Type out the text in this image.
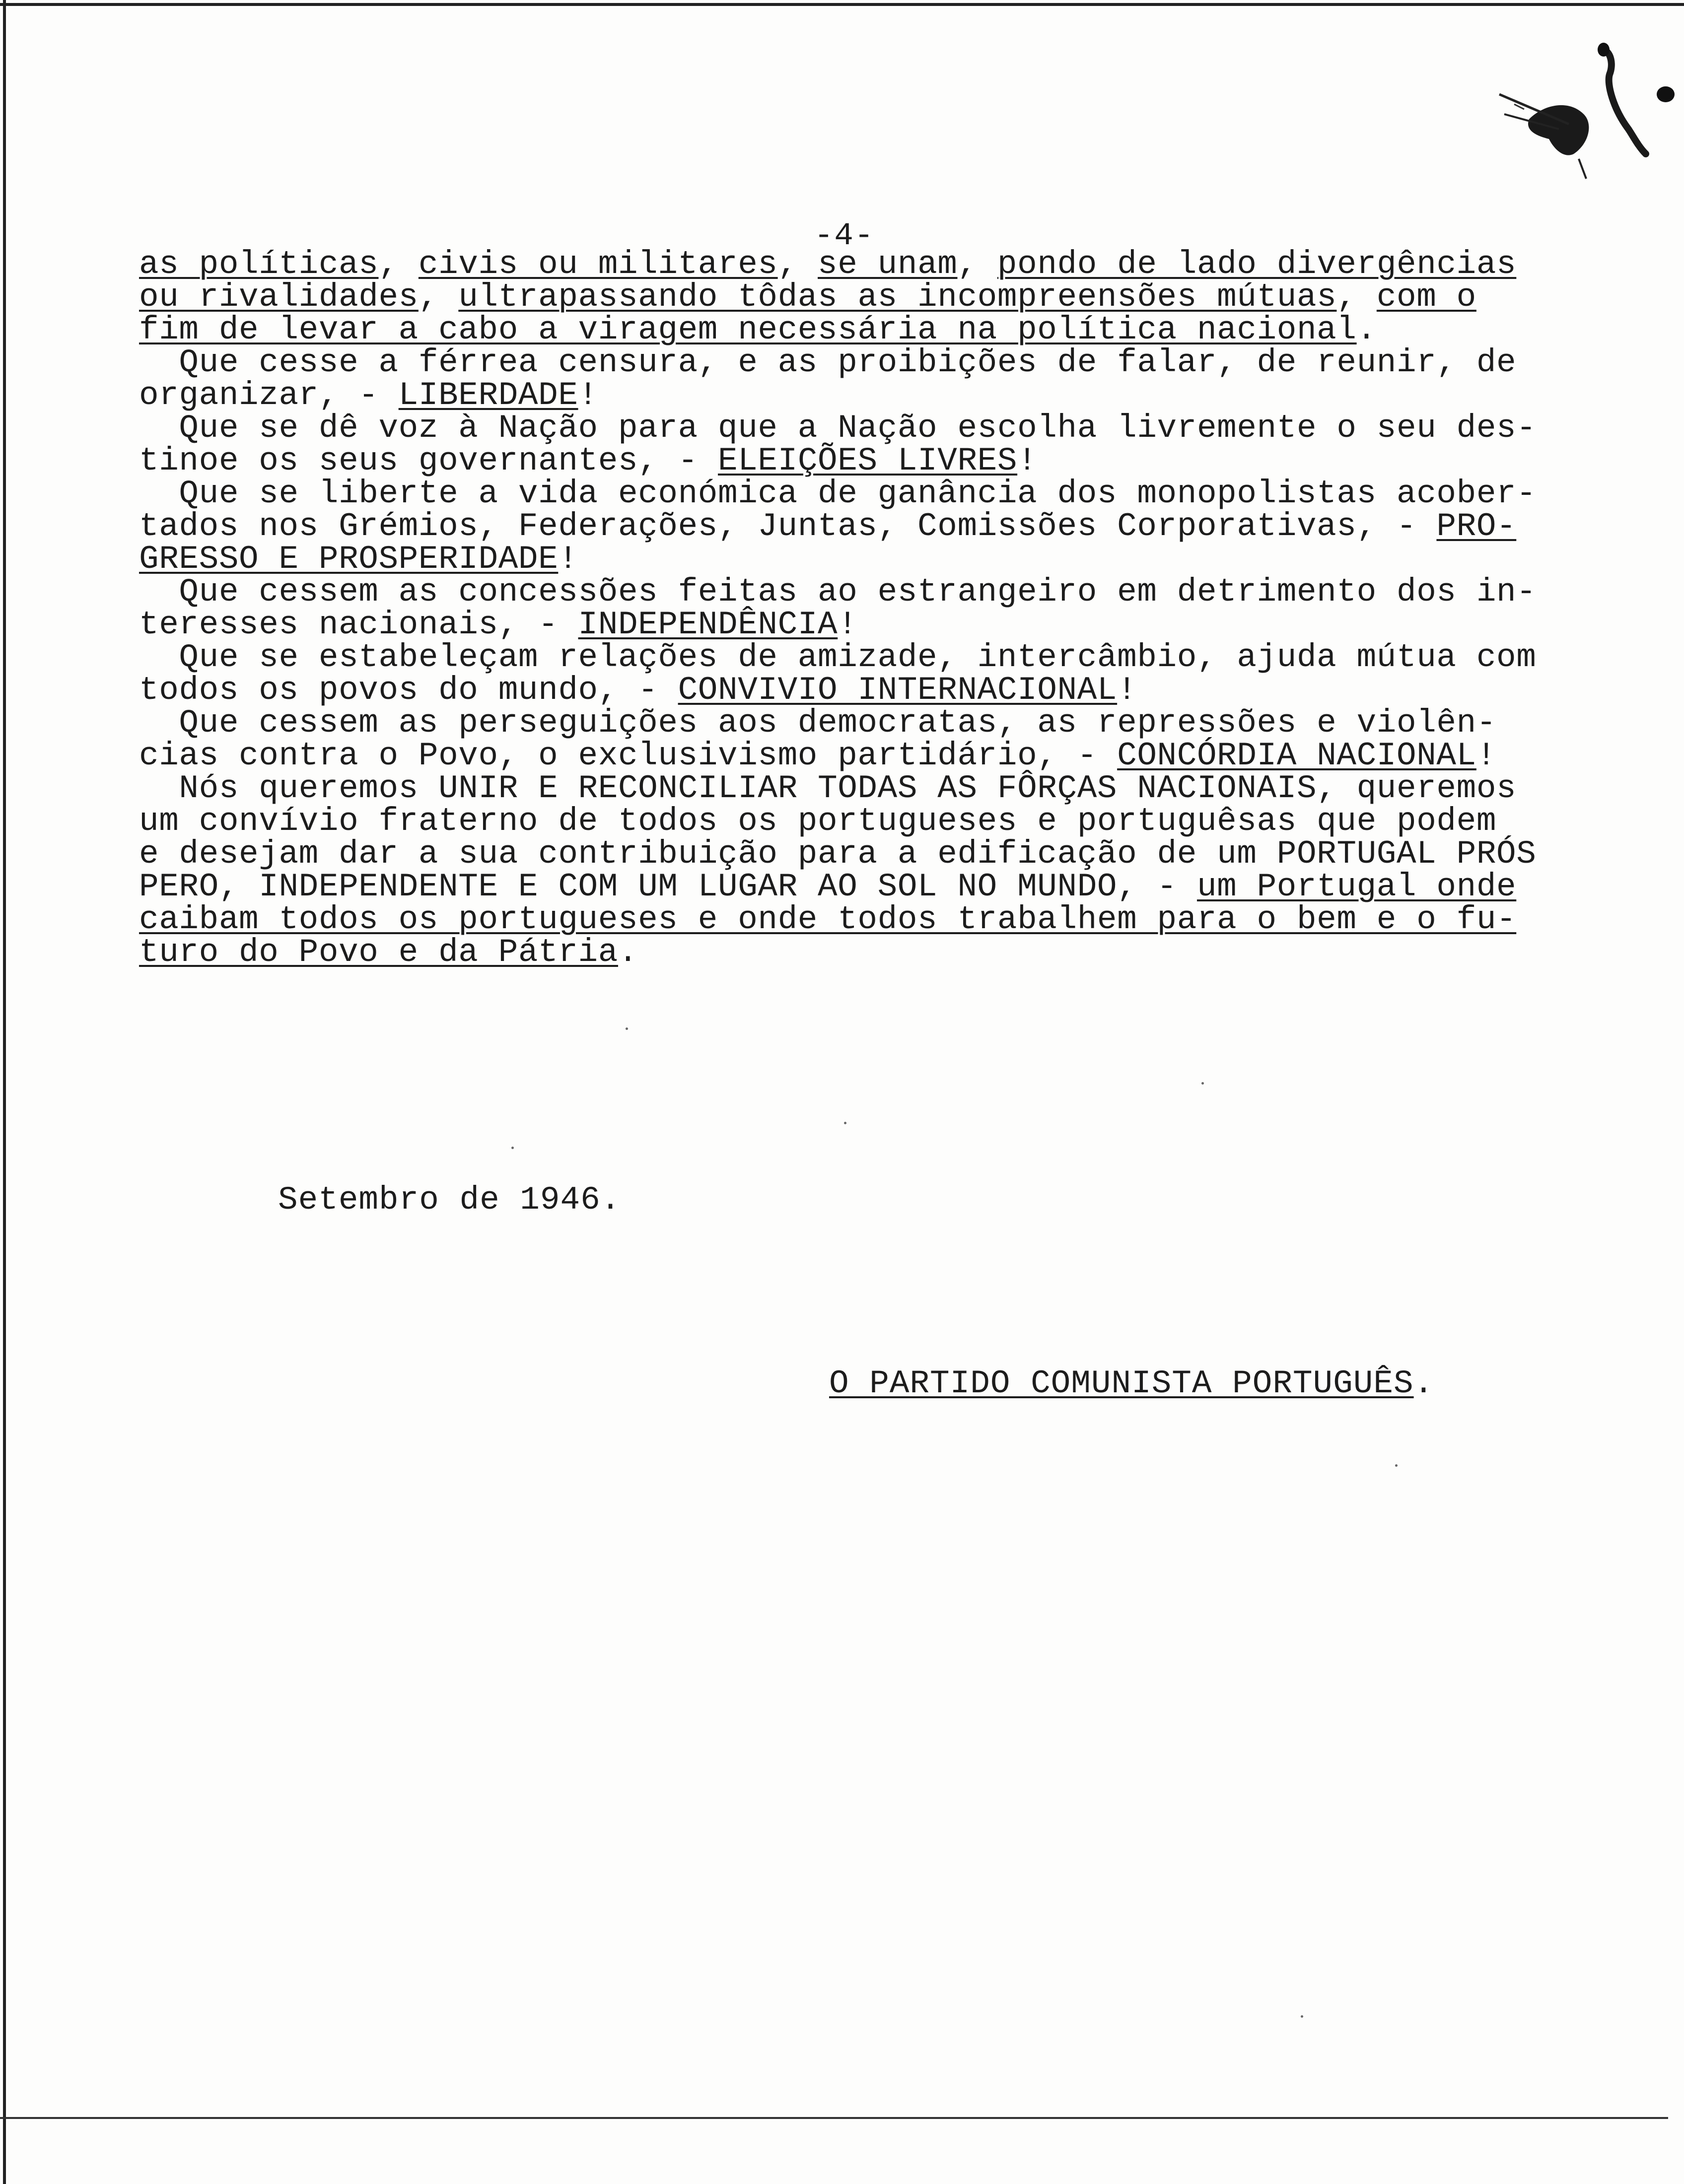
-4-
as políticas, civis ou militares, se unam, pondo de lado divergências
ou rivalidades, ultrapassando tôdas as incompreensões mútuas, com o
fim de levar a cabo a viragem necessária na política nacional.
Que cesse a férrea censura, e as proibições de falar, de reunir, de
organizar, - LIBERDADE!
Que se dê voz à Nação para que a Nação escolha livremente o seu des-
tinoe os seus governantes, - ELEIÇÕES LIVRES!
Que se liberte a vida económica de ganância dos monopolistas acober-
tados nos Grémios, Federações, Juntas, Comissões Corporativas, - PRO-
GRESSO E PROSPERIDADE!
Que cessem as concessões feitas ao estrangeiro em detrimento dos in-
teresses nacionais, - INDEPENDÊNCIA!
Que se estabeleçam relações de amizade, intercâmbio, ajuda mútua com
todos os povos do mundo, - CONVIVIO INTERNACIONAL!
Que cessem as perseguições aos democratas, as repressões e violên-
cias contra o Povo, o exclusivismo partidário, - CONCÓRDIA NACIONAL!
Nós queremos UNIR E RECONCILIAR TODAS AS FÔRÇAS NACIONAIS, queremos
um convívio fraterno de todos os portugueses e portuguêsas que podem
e desejam dar a sua contribuição para a edificação de um PORTUGAL PRÓS
PERO, INDEPENDENTE E COM UM LUGAR AO SOL NO MUNDO, - um Portugal onde
caibam todos os portugueses e onde todos trabalhem para o bem e o fu-
turo do Povo e da Pátria.
Setembro de 1946.
O PARTIDO COMUNISTA PORTUGUÊS.
